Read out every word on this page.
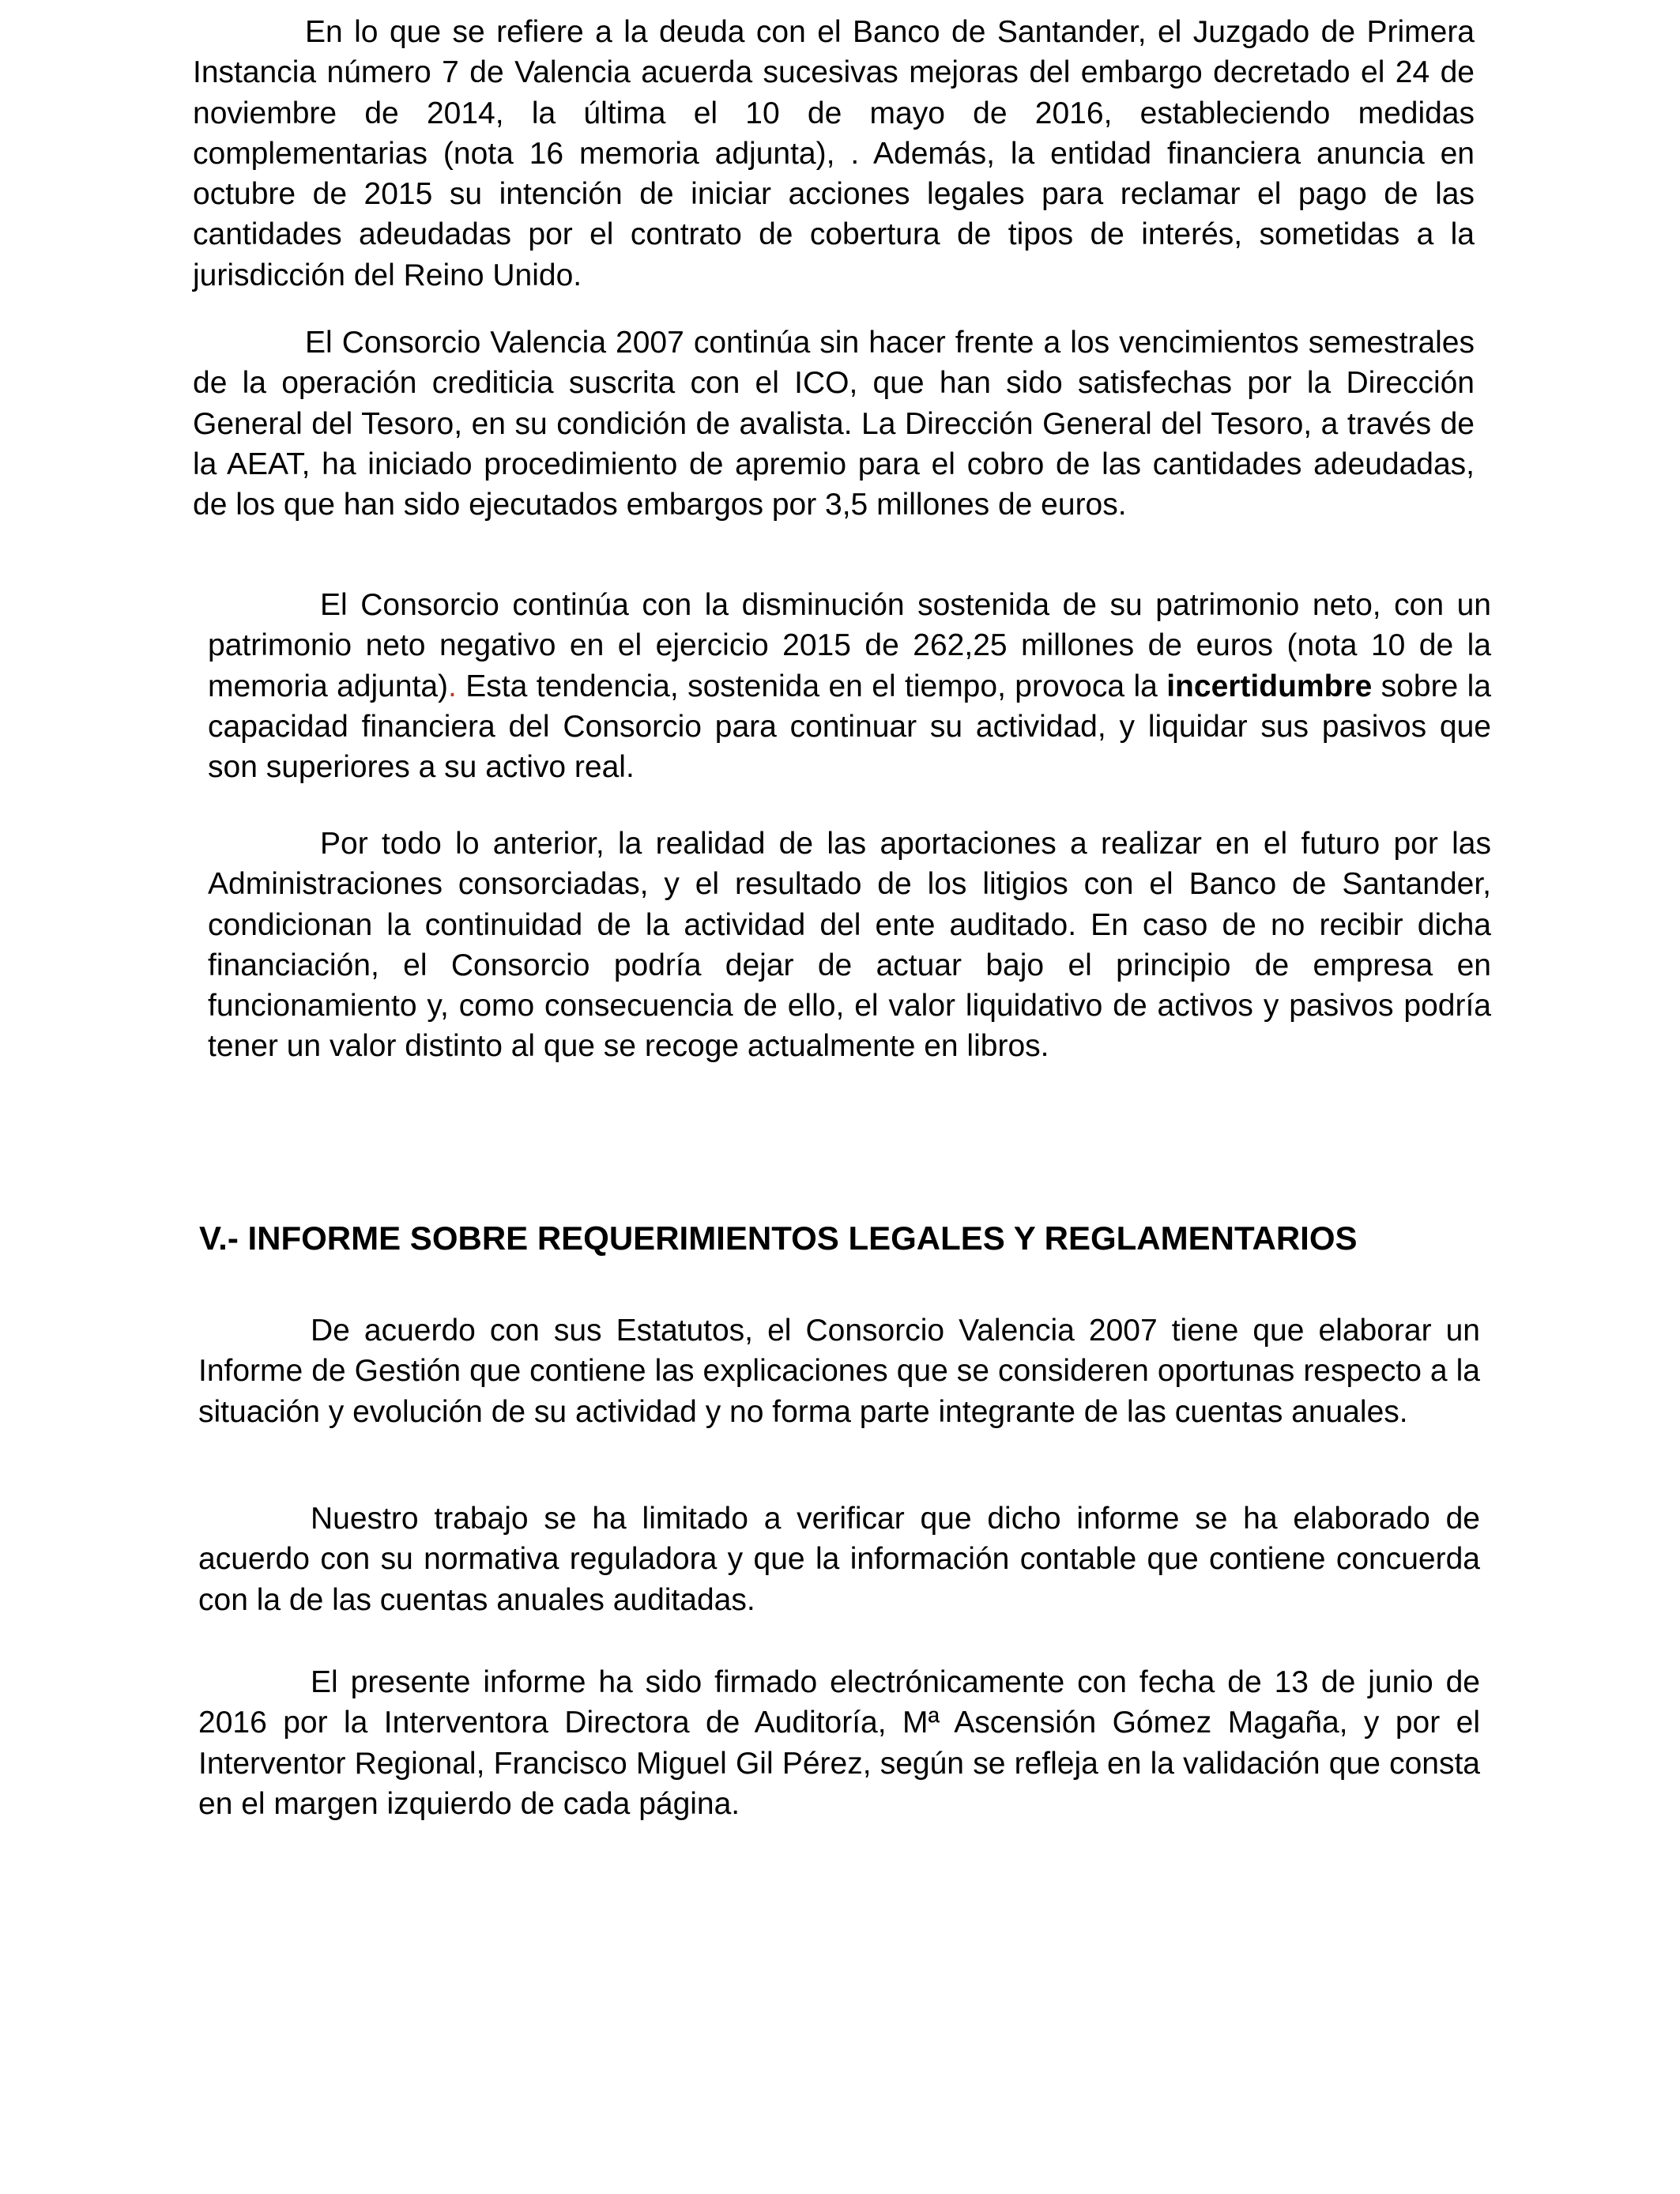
En lo que se refiere a la deuda con el Banco de Santander, el Juzgado de Primera Instancia número 7 de Valencia acuerda sucesivas mejoras del embargo decretado el 24 de noviembre de 2014, la última el 10 de mayo de 2016, estableciendo medidas complementarias (nota 16 memoria adjunta), . Además, la entidad financiera anuncia en octubre de 2015 su intención de iniciar acciones legales para reclamar el pago de las cantidades adeudadas por el contrato de cobertura de tipos de interés, sometidas a la jurisdicción del Reino Unido.

El Consorcio Valencia 2007 continúa sin hacer frente a los vencimientos semestrales de la operación crediticia suscrita con el ICO, que han sido satisfechas por la Dirección General del Tesoro, en su condición de avalista. La Dirección General del Tesoro, a través de la AEAT, ha iniciado procedimiento de apremio para el cobro de las cantidades adeudadas, de los que han sido ejecutados embargos por 3,5 millones de euros.

El Consorcio continúa con la disminución sostenida de su patrimonio neto, con un patrimonio neto negativo en el ejercicio 2015 de 262,25 millones de euros (nota 10 de la memoria adjunta). Esta tendencia, sostenida en el tiempo, provoca la incertidumbre sobre la capacidad financiera del Consorcio para continuar su actividad, y liquidar sus pasivos que son superiores a su activo real.

Por todo lo anterior, la realidad de las aportaciones a realizar en el futuro por las Administraciones consorciadas, y el resultado de los litigios con el Banco de Santander, condicionan la continuidad de la actividad del ente auditado. En caso de no recibir dicha financiación, el Consorcio podría dejar de actuar bajo el principio de empresa en funcionamiento y, como consecuencia de ello, el valor liquidativo de activos y pasivos podría tener un valor distinto al que se recoge actualmente en libros.

V.- INFORME SOBRE REQUERIMIENTOS LEGALES Y REGLAMENTARIOS

De acuerdo con sus Estatutos, el Consorcio Valencia 2007 tiene que elaborar un Informe de Gestión que contiene las explicaciones que se consideren oportunas respecto a la situación y evolución de su actividad y no forma parte integrante de las cuentas anuales.

Nuestro trabajo se ha limitado a verificar que dicho informe se ha elaborado de acuerdo con su normativa reguladora y que la información contable que contiene concuerda con la de las cuentas anuales auditadas.

El presente informe ha sido firmado electrónicamente con fecha de 13 de junio de 2016 por la Interventora Directora de Auditoría, Mª Ascensión Gómez Magaña, y por el Interventor Regional, Francisco Miguel Gil Pérez, según se refleja en la validación que consta en el margen izquierdo de cada página.
